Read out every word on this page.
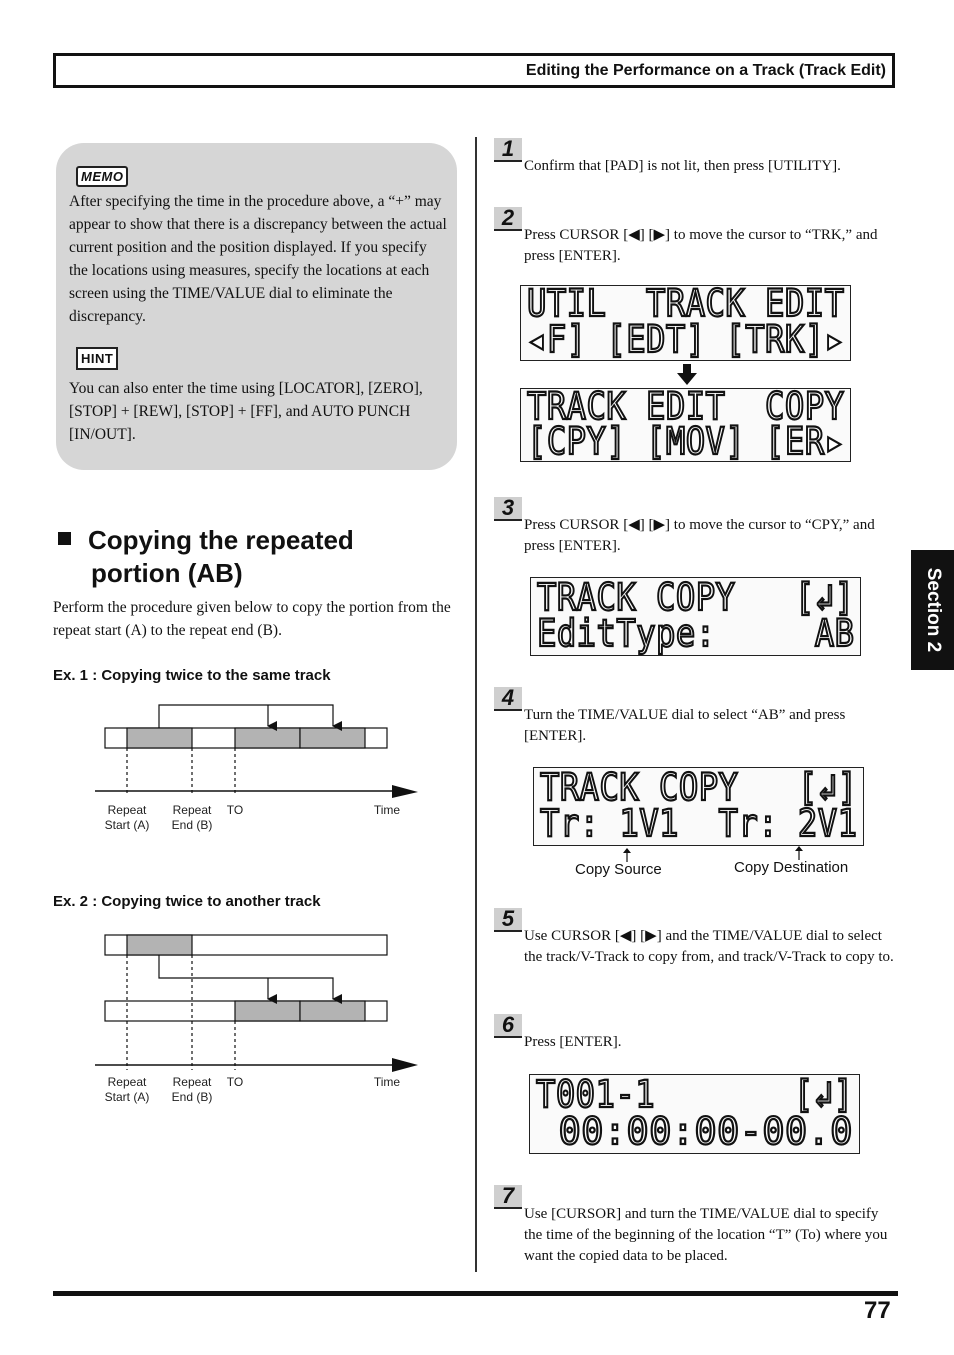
Editing the Performance on a Track (Track Edit)
MEMO
After specifying the time in the procedure above, a “+” may appear to show that there is a discrepancy between the actual current position and the position displayed. If you specify the locations using measures, specify the locations at each screen using the TIME/VALUE dial to eliminate the discrepancy.
HINT
You can also enter the time using [LOCATOR], [ZERO], [STOP] + [REW], [STOP] + [FF], and AUTO PUNCH [IN/OUT].
Copying the repeated
portion (AB)
Perform the procedure given below to copy the portion from the repeat start (A) to the repeat end (B).
Ex. 1 : Copying twice to the same track
Repeat
Start (A)
Repeat
End (B)
TO	Time
Ex. 2 : Copying twice to another track
Repeat
Start (A)
Repeat
End (B)
TO	Time
1
Confirm that [PAD] is not lit, then press [UTILITY].
2
Press CURSOR [◀] [▶] to move the cursor to “TRK,” and press [ENTER].
UTIL  TRACK EDIT
◂F] [EDT] [TRK]▸
TRACK EDIT  COPY
[CPY] [MOV] [ER▸
3
Press CURSOR [◀] [▶] to move the cursor to “CPY,” and press [ENTER].
TRACK COPY   [↲]
EditType:     AB
4
Turn the TIME/VALUE dial to select “AB” and press [ENTER].
TRACK COPY   [↲]
Tr: 1V1  Tr: 2V1
Copy Source	Copy Destination
5
Use CURSOR [◀] [▶] and the TIME/VALUE dial to select the track/V-Track to copy from, and track/V-Track to copy to.
6
Press [ENTER].
T001-1       [↲]
00:00:00-00.0
7
Use [CURSOR] and turn the TIME/VALUE dial to specify the time of the beginning of the location “T” (To) where you want the copied data to be placed.
Section 2
77
